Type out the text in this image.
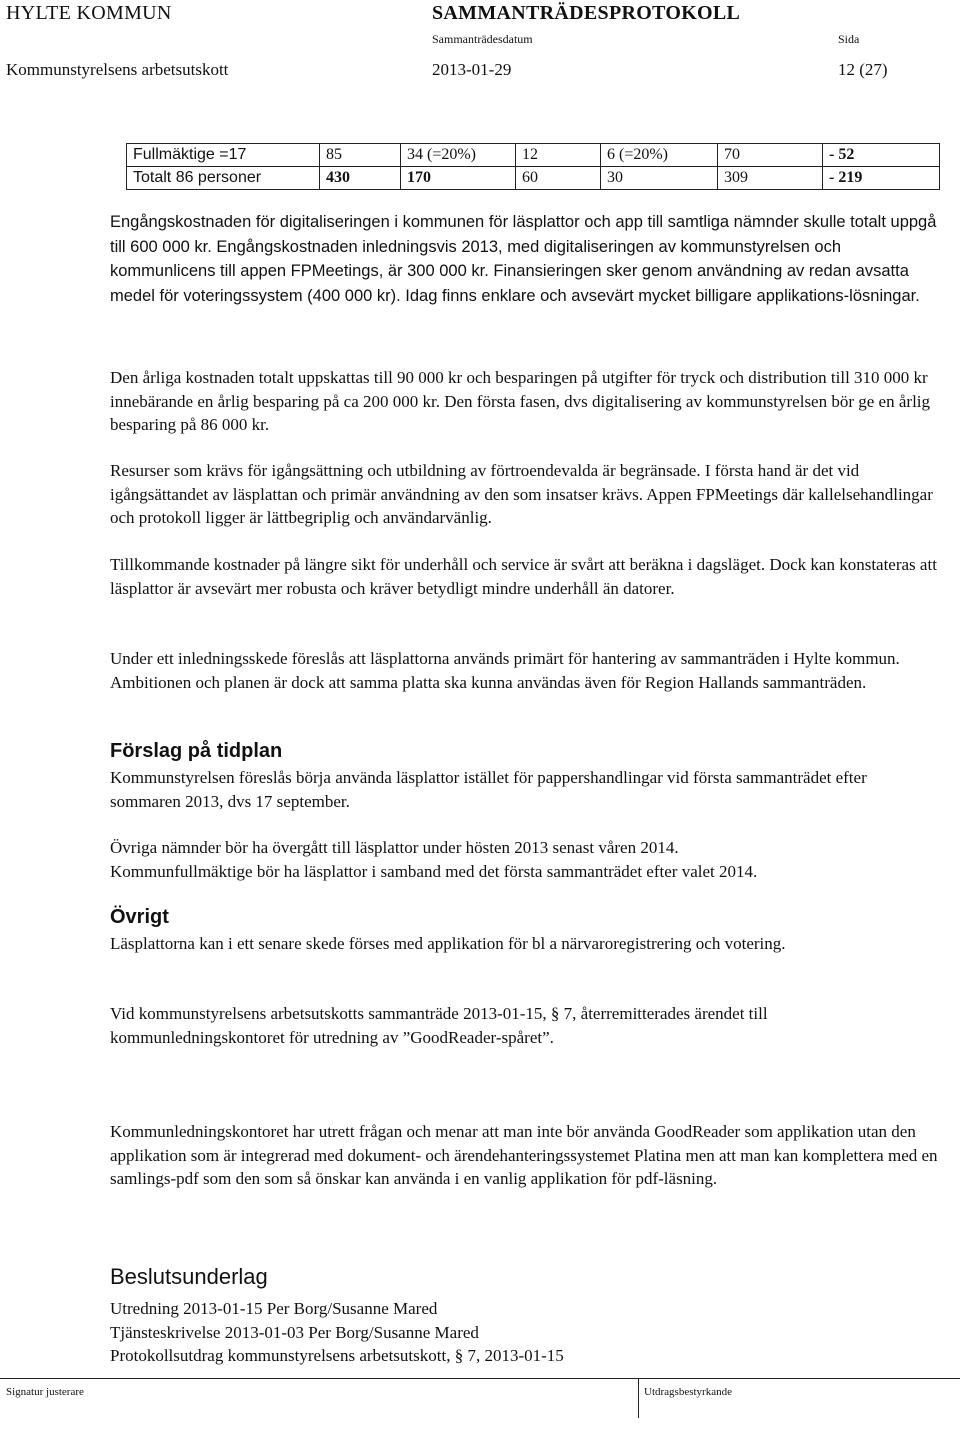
HYLTE KOMMUN	SAMMANTRÄDESPROTOKOLL
Sammanträdesdatum	Sida
Kommunstyrelsens arbetsutskott	2013-01-29	12 (27)
Fullmäktige =17	85	34 (=20%)	12	6 (=20%)	70	- 52
Totalt 86 personer	430	170	60	30	309	- 219

Engångskostnaden för digitaliseringen i kommunen för läsplattor och app till samtliga nämnder skulle totalt uppgå till 600 000 kr. Engångskostnaden inledningsvis 2013, med digitaliseringen av kommunstyrelsen och kommunlicens till appen FPMeetings, är 300 000 kr. Finansieringen sker genom användning av redan avsatta medel för voteringssystem (400 000 kr). Idag finns enklare och avsevärt mycket billigare applikations-lösningar.

Den årliga kostnaden totalt uppskattas till 90 000 kr och besparingen på utgifter för tryck och distribution till 310 000 kr innebärande en årlig besparing på ca 200 000 kr. Den första fasen, dvs digitalisering av kommunstyrelsen bör ge en årlig besparing på 86 000 kr.

Resurser som krävs för igångsättning och utbildning av förtroendevalda är begränsade. I första hand är det vid igångsättandet av läsplattan och primär användning av den som insatser krävs. Appen FPMeetings där kallelsehandlingar och protokoll ligger är lättbegriplig och användarvänlig.

Tillkommande kostnader på längre sikt för underhåll och service är svårt att beräkna i dagsläget. Dock kan konstateras att läsplattor är avsevärt mer robusta och kräver betydligt mindre underhåll än datorer.

Under ett inledningsskede föreslås att läsplattorna används primärt för hantering av sammanträden i Hylte kommun. Ambitionen och planen är dock att samma platta ska kunna användas även för Region Hallands sammanträden.

Förslag på tidplan

Kommunstyrelsen föreslås börja använda läsplattor istället för pappershandlingar vid första sammanträdet efter sommaren 2013, dvs 17 september.

Övriga nämnder bör ha övergått till läsplattor under hösten 2013 senast våren 2014.

Kommunfullmäktige bör ha läsplattor i samband med det första sammanträdet efter valet 2014.

Övrigt

Läsplattorna kan i ett senare skede förses med applikation för bl a närvaroregistrering och votering.

Vid kommunstyrelsens arbetsutskotts sammanträde 2013-01-15, § 7, återremitterades ärendet till kommunledningskontoret för utredning av ”GoodReader-spåret”.

Kommunledningskontoret har utrett frågan och menar att man inte bör använda GoodReader som applikation utan den applikation som är integrerad med dokument- och ärendehanteringssystemet Platina men att man kan komplettera med en samlings-pdf som den som så önskar kan använda i en vanlig applikation för pdf-läsning.

Beslutsunderlag

Utredning 2013-01-15 Per Borg/Susanne Mared

Tjänsteskrivelse 2013-01-03 Per Borg/Susanne Mared

Protokollsutdrag kommunstyrelsens arbetsutskott, § 7, 2013-01-15

Signatur justerare	Utdragsbestyrkande
